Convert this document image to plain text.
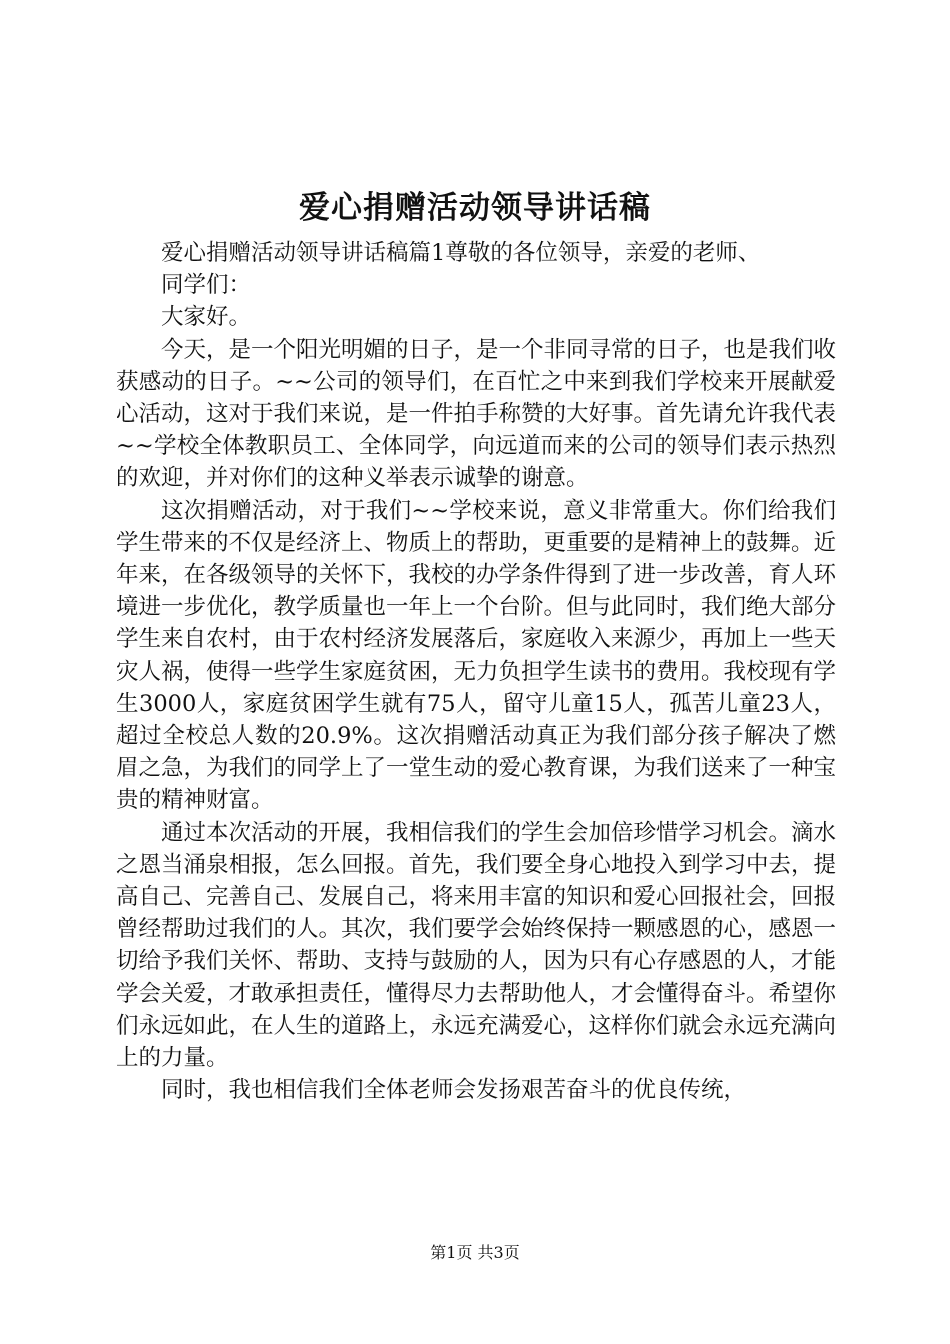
爱心捐赠活动领导讲话稿

爱心捐赠活动领导讲话稿篇1尊敬的各位领导，亲爱的老师、

同学们：

大家好。

今天，是一个阳光明媚的日子，是一个非同寻常的日子，也是我们收获感动的日子。~~公司的领导们，在百忙之中来到我们学校来开展献爱心活动，这对于我们来说，是一件拍手称赞的大好事。首先请允许我代表~~学校全体教职员工、全体同学，向远道而来的公司的领导们表示热烈的欢迎，并对你们的这种义举表示诚挚的谢意。

这次捐赠活动，对于我们~~学校来说，意义非常重大。你们给我们学生带来的不仅是经济上、物质上的帮助，更重要的是精神上的鼓舞。近年来，在各级领导的关怀下，我校的办学条件得到了进一步改善，育人环境进一步优化，教学质量也一年上一个台阶。但与此同时，我们绝大部分学生来自农村，由于农村经济发展落后，家庭收入来源少，再加上一些天灾人祸，使得一些学生家庭贫困，无力负担学生读书的费用。我校现有学生3000人，家庭贫困学生就有75人，留守儿童15人，孤苦儿童23人，超过全校总人数的20.9%。这次捐赠活动真正为我们部分孩子解决了燃眉之急，为我们的同学上了一堂生动的爱心教育课，为我们送来了一种宝贵的精神财富。

通过本次活动的开展，我相信我们的学生会加倍珍惜学习机会。滴水之恩当涌泉相报，怎么回报。首先，我们要全身心地投入到学习中去，提高自己、完善自己、发展自己，将来用丰富的知识和爱心回报社会，回报曾经帮助过我们的人。其次，我们要学会始终保持一颗感恩的心，感恩一切给予我们关怀、帮助、支持与鼓励的人，因为只有心存感恩的人，才能学会关爱，才敢承担责任，懂得尽力去帮助他人，才会懂得奋斗。希望你们永远如此，在人生的道路上，永远充满爱心，这样你们就会永远充满向上的力量。

同时，我也相信我们全体老师会发扬艰苦奋斗的优良传统，

第1页 共3页
